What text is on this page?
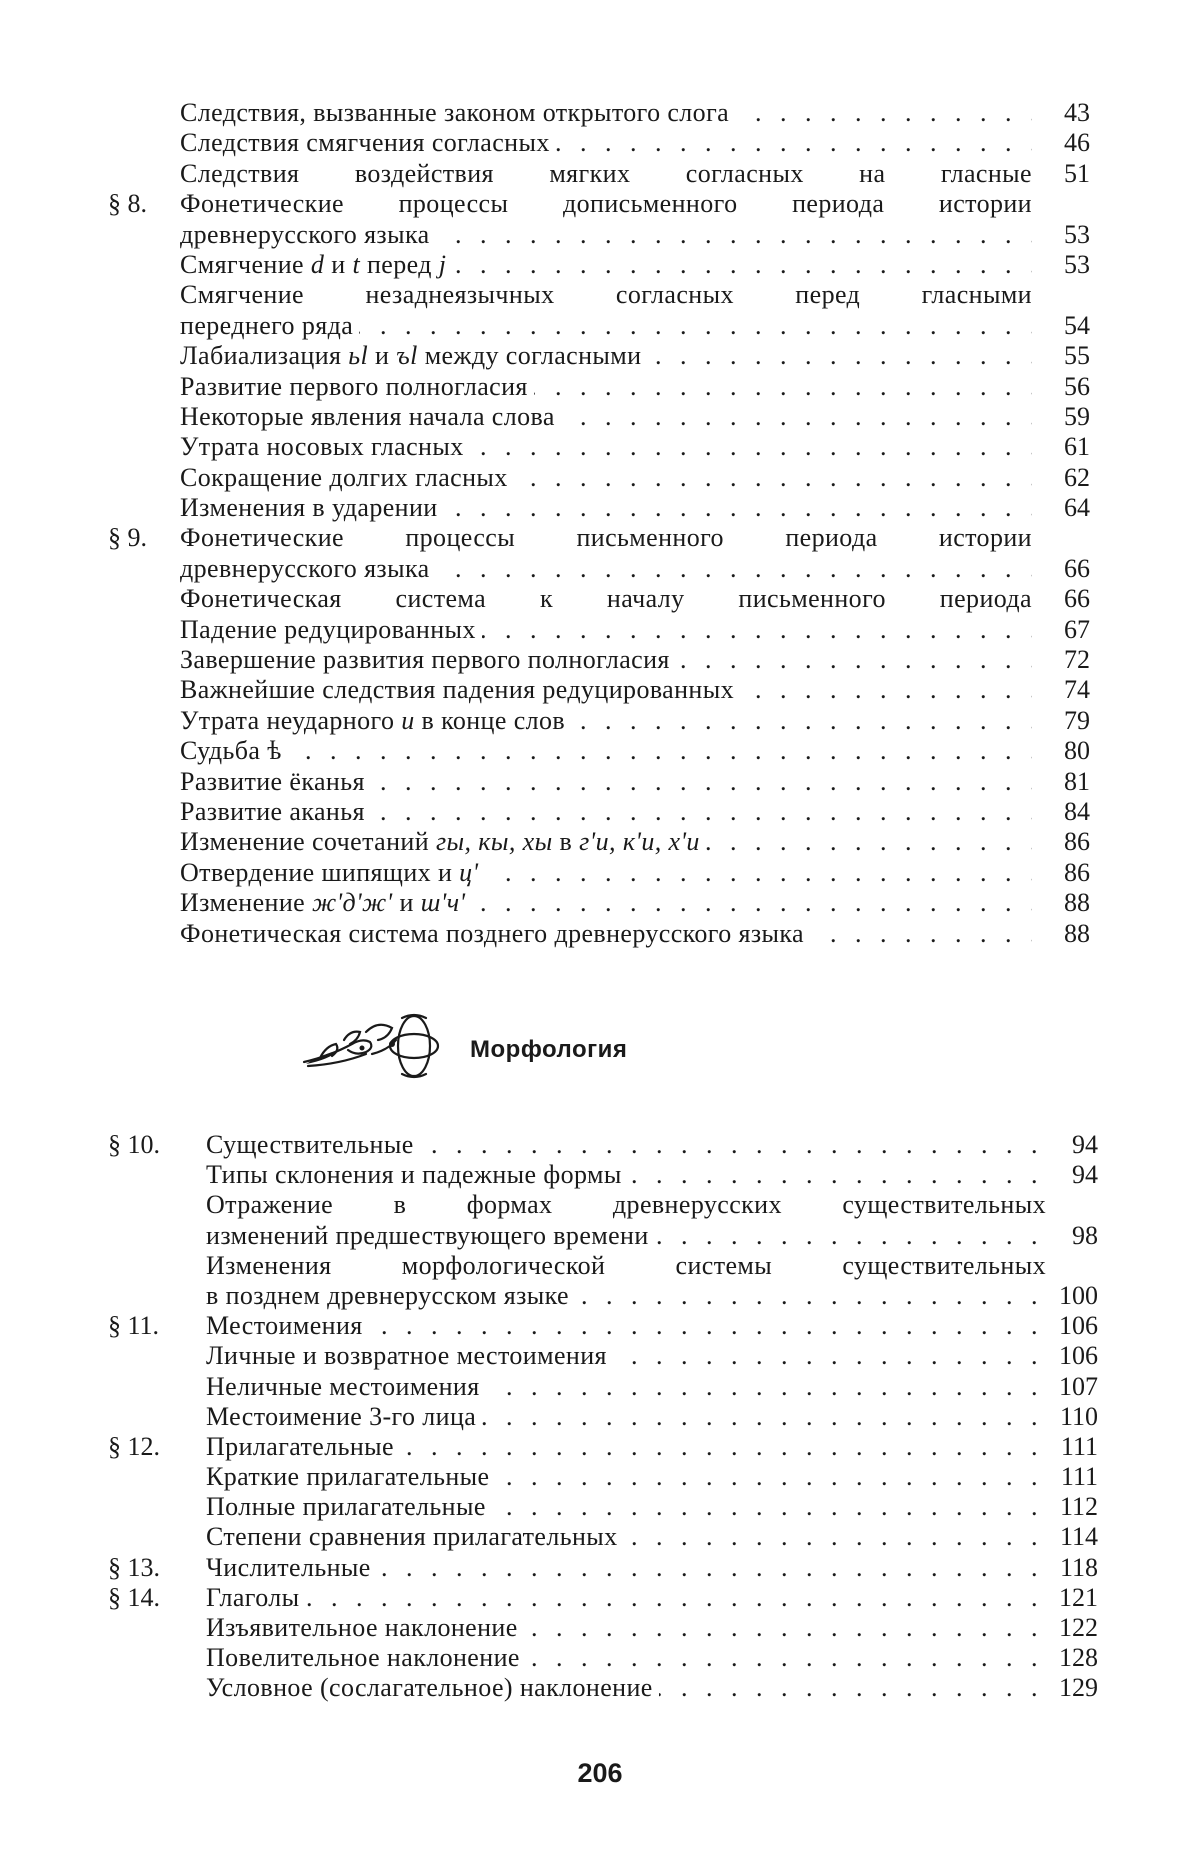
Следствия, вызванные законом открытого слога . . .	43
Следствия смягчения согласных . . .	46
Следствия воздействия мягких согласных на гласные	51
§ 8. Фонетические процессы дописьменного периода истории
древнерусского языка . . .	53
Смягчение d и t перед j . . .	53
Смягчение незаднеязычных согласных перед гласными
переднего ряда . . .	54
Лабиализация ьl и ъl между согласными . . .	55
Развитие первого полногласия . . .	56
Некоторые явления начала слова . . .	59
Утрата носовых гласных . . .	61
Сокращение долгих гласных . . .	62
Изменения в ударении . . .	64
§ 9. Фонетические процессы письменного периода истории
древнерусского языка . . .	66
Фонетическая система к началу письменного периода	66
Падение редуцированных . . .	67
Завершение развития первого полногласия . . .	72
Важнейшие следствия падения редуцированных . . .	74
Утрата неударного и в конце слов . . .	79
Судьба ѣ . . .	80
Развитие ёканья . . .	81
Развитие аканья . . .	84
Изменение сочетаний гы, кы, хы в г'и, к'и, х'и . . .	86
Отвердение шипящих и ц' . . .	86
Изменение ж'д'ж' и ш'ч' . . .	88
Фонетическая система позднего древнерусского языка . . .	88
Морфология
§ 10. Существительные . . .	94
Типы склонения и падежные формы . . .	94
Отражение в формах древнерусских существительных
изменений предшествующего времени . . .	98
Изменения морфологической системы существительных
в позднем древнерусском языке . . .	100
§ 11. Местоимения . . .	106
Личные и возвратное местоимения . . .	106
Неличные местоимения . . .	107
Местоимение 3-го лица . . .	110
§ 12. Прилагательные . . .	111
Краткие прилагательные . . .	111
Полные прилагательные . . .	112
Степени сравнения прилагательных . . .	114
§ 13. Числительные . . .	118
§ 14. Глаголы . . .	121
Изъявительное наклонение . . .	122
Повелительное наклонение . . .	128
Условное (сослагательное) наклонение . . .	129
206
